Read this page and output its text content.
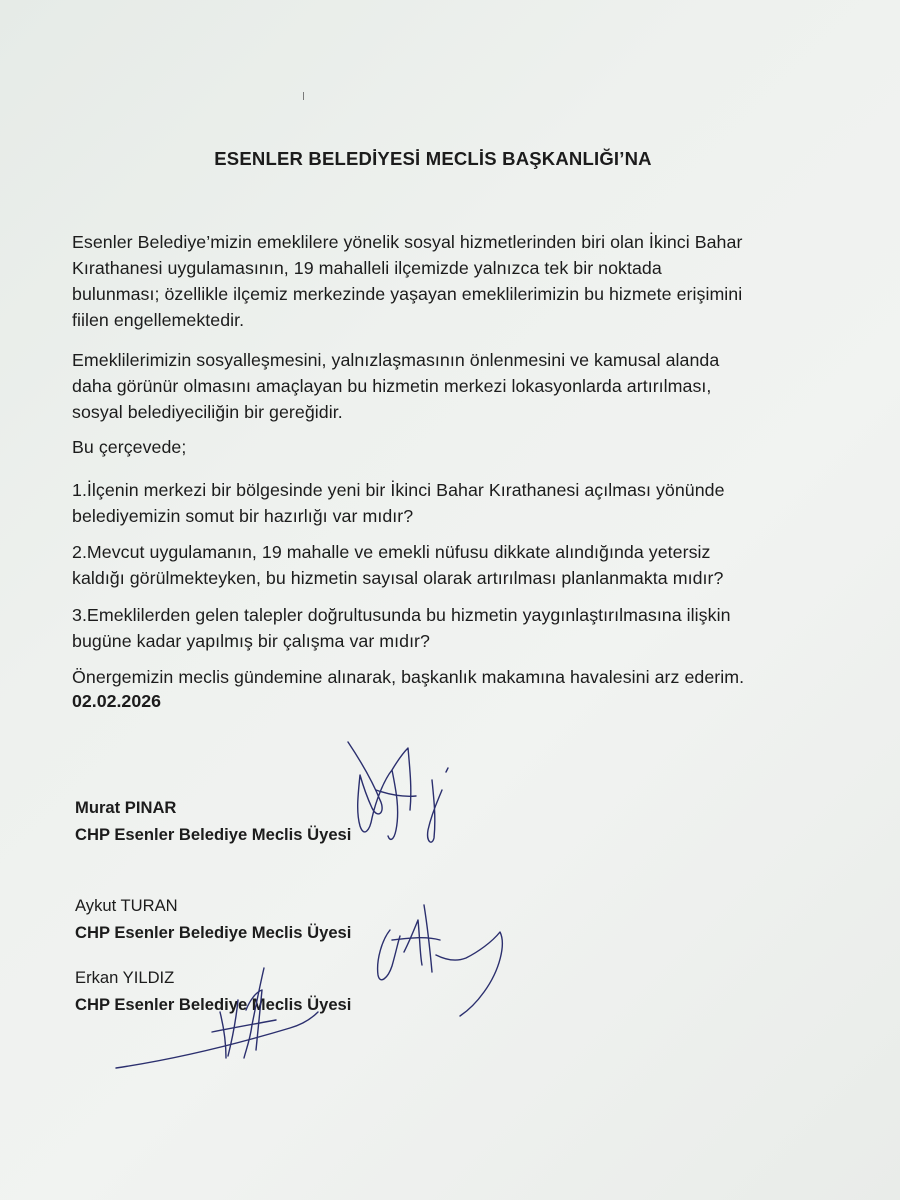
ESENLER BELEDİYESİ MECLİS BAŞKANLIĞI’NA
Esenler Belediye’mizin emeklilere yönelik sosyal hizmetlerinden biri olan İkinci Bahar
Kırathanesi uygulamasının, 19 mahalleli ilçemizde yalnızca tek bir noktada
bulunması; özellikle ilçemiz merkezinde yaşayan emeklilerimizin bu hizmete erişimini
fiilen engellemektedir.
Emeklilerimizin sosyalleşmesini, yalnızlaşmasının önlenmesini ve kamusal alanda
daha görünür olmasını amaçlayan bu hizmetin merkezi lokasyonlarda artırılması,
sosyal belediyeciliğin bir gereğidir.
Bu çerçevede;
1.İlçenin merkezi bir bölgesinde yeni bir İkinci Bahar Kırathanesi açılması yönünde
belediyemizin somut bir hazırlığı var mıdır?
2.Mevcut uygulamanın, 19 mahalle ve emekli nüfusu dikkate alındığında yetersiz
kaldığı görülmekteyken, bu hizmetin sayısal olarak artırılması planlanmakta mıdır?
3.Emeklilerden gelen talepler doğrultusunda bu hizmetin yaygınlaştırılmasına ilişkin
bugüne kadar yapılmış bir çalışma var mıdır?
Önergemizin meclis gündemine alınarak, başkanlık makamına havalesini arz ederim.
02.02.2026
Murat PINAR
CHP Esenler Belediye Meclis Üyesi
Aykut TURAN
CHP Esenler Belediye Meclis Üyesi
Erkan YILDIZ
CHP Esenler Belediye Meclis Üyesi
